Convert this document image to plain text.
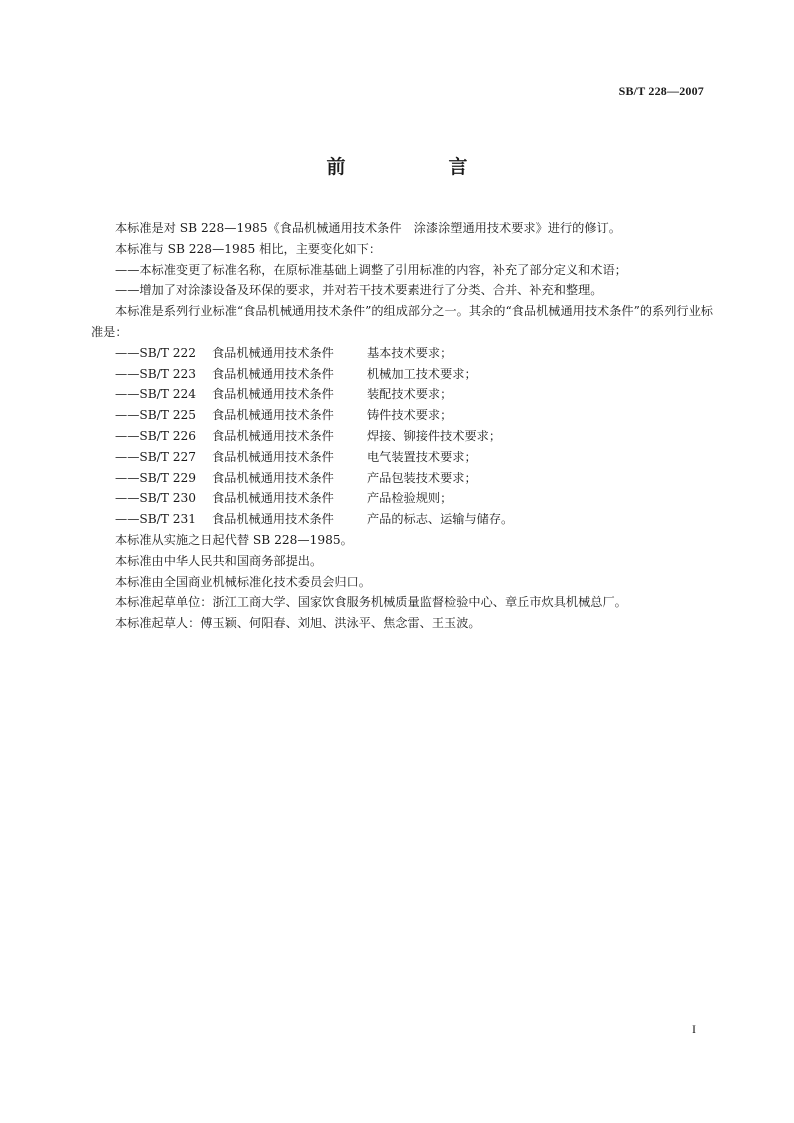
SB/T 228—2007
前　言

本标准是对 SB 228—1985《食品机械通用技术条件　涂漆涂塑通用技术要求》进行的修订。

本标准与 SB 228—1985 相比，主要变化如下：

——本标准变更了标准名称，在原标准基础上调整了引用标准的内容，补充了部分定义和术语；

——增加了对涂漆设备及环保的要求，并对若干技术要素进行了分类、合并、补充和整理。

本标准是系列行业标准“食品机械通用技术条件”的组成部分之一。其余的“食品机械通用技术条件”的系列行业标准是：

——SB/T 222 食品机械通用技术条件	基本技术要求；
——SB/T 223 食品机械通用技术条件	机械加工技术要求；
——SB/T 224 食品机械通用技术条件	装配技术要求；
——SB/T 225 食品机械通用技术条件	铸件技术要求；
——SB/T 226 食品机械通用技术条件	焊接、铆接件技术要求；
——SB/T 227 食品机械通用技术条件	电气装置技术要求；
——SB/T 229 食品机械通用技术条件	产品包装技术要求；
——SB/T 230 食品机械通用技术条件	产品检验规则；
——SB/T 231 食品机械通用技术条件	产品的标志、运输与储存。

本标准从实施之日起代替 SB 228—1985。

本标准由中华人民共和国商务部提出。

本标准由全国商业机械标准化技术委员会归口。

本标准起草单位：浙江工商大学、国家饮食服务机械质量监督检验中心、章丘市炊具机械总厂。

本标准起草人：傅玉颖、何阳春、刘旭、洪泳平、焦念雷、王玉波。

I
